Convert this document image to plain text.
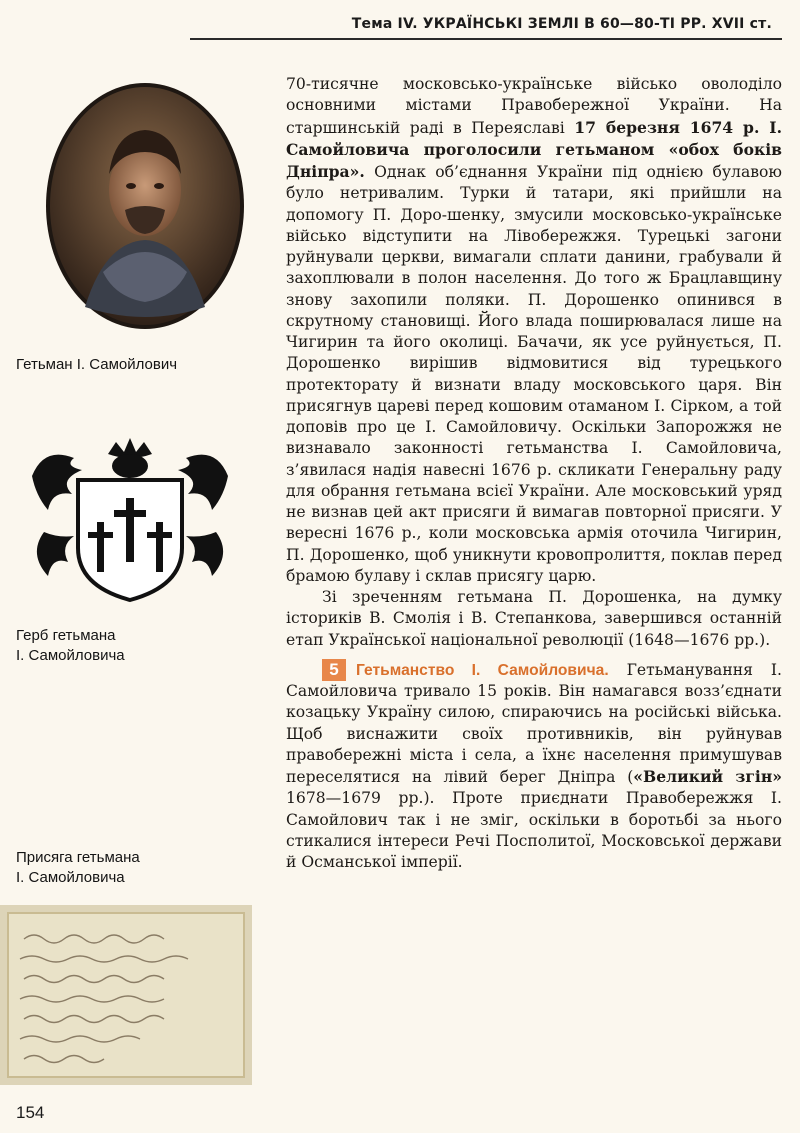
Тема IV. УКРАЇНСЬКІ ЗЕМЛІ В 60—80-ТІ РР. XVII ст.
Гетьман І. Самойлович
Герб гетьмана
І. Самойловича
Присяга гетьмана
І. Самойловича

70-тисячне московсько-українське військо оволоділо основними містами Правобережної України. На старшинській раді в Переяславі 17 березня 1674 р. І. Самойловича проголосили гетьманом «обох боків Дніпра». Однак об’єднання України під однією булавою було нетривалим. Турки й татари, які прийшли на допомогу П. Доро-шенку, змусили московсько-українське військо відступити на Лівобережжя. Турецькі загони руйнували церкви, вимагали сплати данини, грабували й захоплювали в полон населення. До того ж Брацлавщину знову захопили поляки. П. Дорошенко опинився в скрутному становищі. Його влада поширювалася лише на Чигирин та його околиці. Бачачи, як усе руйнується, П. Дорошенко вирішив відмовитися від турецького протекторату й визнати владу московського царя. Він присягнув цареві перед кошовим отаманом І. Сірком, а той доповів про це І. Самойловичу. Оскільки Запорожжя не визнавало законності гетьманства І. Самойловича, з’явилася надія навесні 1676 р. скликати Генеральну раду для обрання гетьмана всієї України. Але московський уряд не визнав цей акт присяги й вимагав повторної присяги. У вересні 1676 р., коли московська армія оточила Чигирин, П. Дорошенко, щоб уникнути кровопролиття, поклав перед брамою булаву і склав присягу царю.

Зі зреченням гетьмана П. Дорошенка, на думку істориків В. Смолія і В. Степанкова, завершився останній етап Української національної революції (1648—1676 рр.).

5 Гетьманство І. Самойловича. Гетьманування І. Самойловича тривало 15 років. Він намагався возз’єднати козацьку Україну силою, спираючись на російські війська. Щоб виснажити своїх противників, він руйнував правобережні міста і села, а їхнє населення примушував переселятися на лівий берег Дніпра («Великий згін» 1678—1679 рр.). Проте приєднати Правобережжя І. Самойлович так і не зміг, оскільки в боротьбі за нього стикалися інтереси Речі Посполитої, Московської держави й Османської імперії.

154
